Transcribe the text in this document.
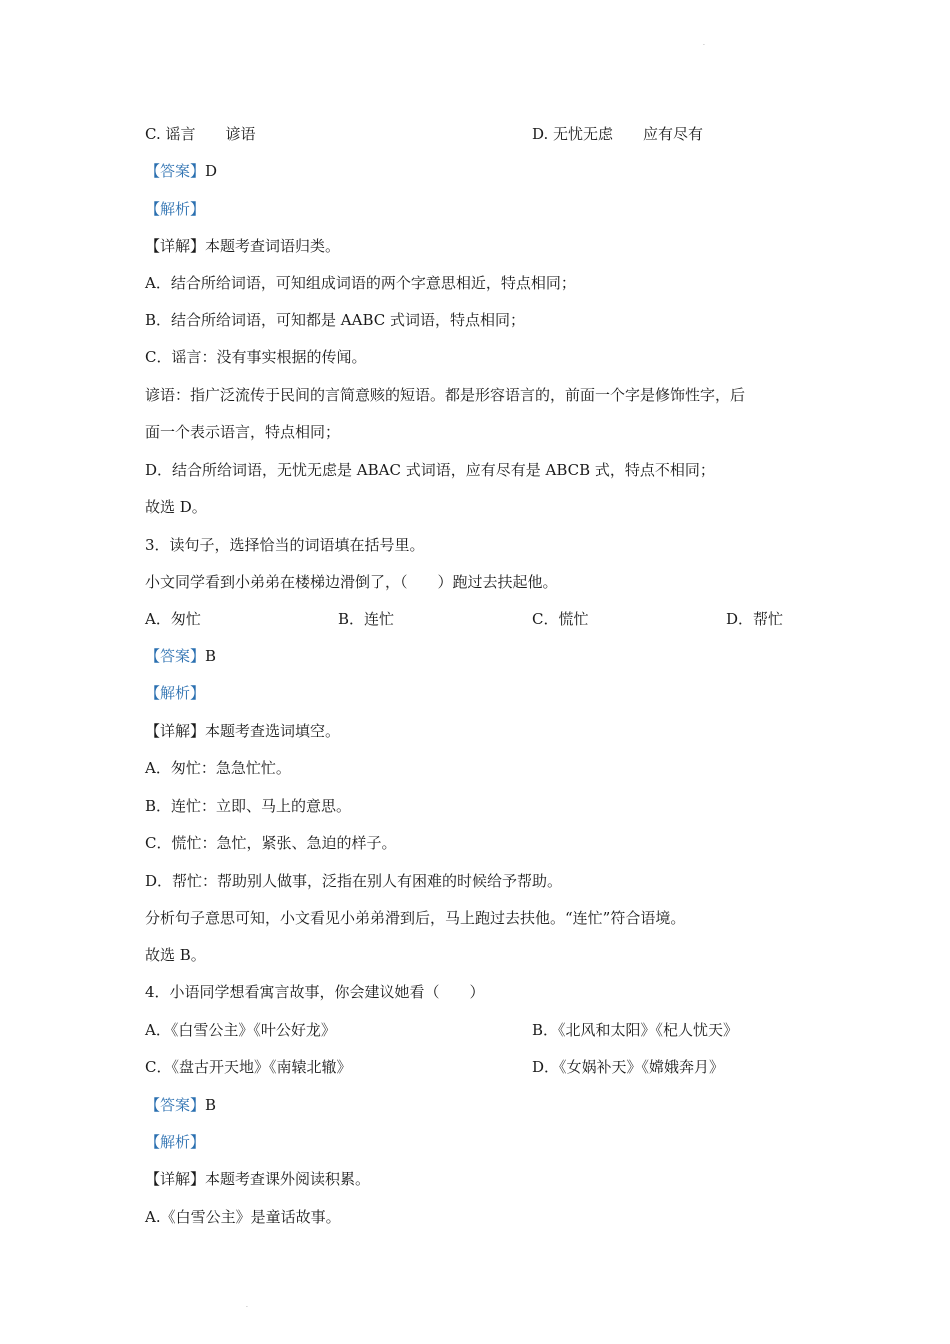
·
C. 谣言　　谚语	D. 无忧无虑　　应有尽有
【答案】D
【解析】
【详解】本题考查词语归类。
A．结合所给词语，可知组成词语的两个字意思相近，特点相同；
B．结合所给词语，可知都是 AABC 式词语，特点相同；
C．谣言：没有事实根据的传闻。
谚语：指广泛流传于民间的言简意赅的短语。都是形容语言的，前面一个字是修饰性字，后
面一个表示语言，特点相同；
D．结合所给词语，无忧无虑是 ABAC 式词语，应有尽有是 ABCB 式，特点不相同；
故选 D。
3．读句子，选择恰当的词语填在括号里。
小文同学看到小弟弟在楼梯边滑倒了，（　　）跑过去扶起他。
A．匆忙	B．连忙	C．慌忙	D．帮忙
【答案】B
【解析】
【详解】本题考查选词填空。
A．匆忙：急急忙忙。
B．连忙：立即、马上的意思。
C．慌忙：急忙，紧张、急迫的样子。
D．帮忙：帮助别人做事，泛指在别人有困难的时候给予帮助。
分析句子意思可知，小文看见小弟弟滑到后，马上跑过去扶他。“连忙”符合语境。
故选 B。
4．小语同学想看寓言故事，你会建议她看（　　）
A．《白雪公主》《叶公好龙》	B．《北风和太阳》《杞人忧天》
C．《盘古开天地》《南辕北辙》	D．《女娲补天》《嫦娥奔月》
【答案】B
【解析】
【详解】本题考查课外阅读积累。
A.《白雪公主》是童话故事。
·
